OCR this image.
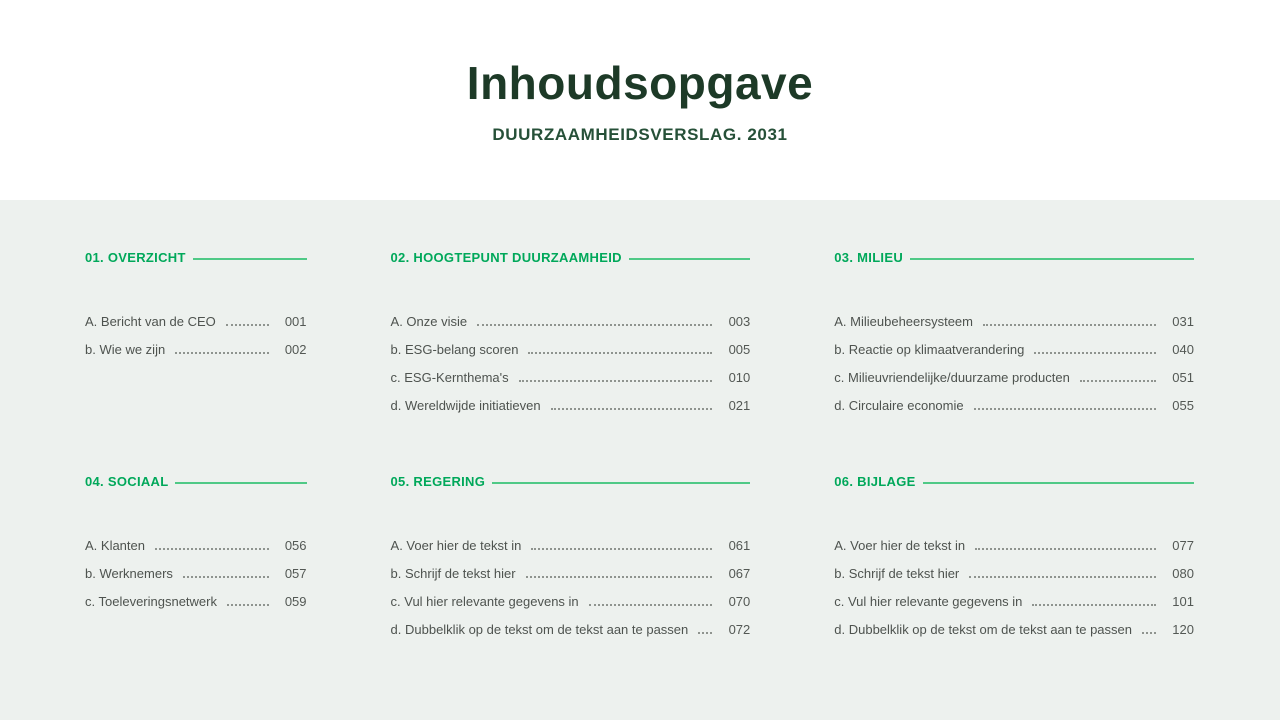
Inhoudsopgave
DUURZAAMHEIDSVERSLAG. 2031
01. OVERZICHT
A. Bericht van de CEO	001
b. Wie we zijn	002
02. HOOGTEPUNT DUURZAAMHEID
A. Onze visie	003
b. ESG-belang scoren	005
c. ESG-Kernthema's	010
d. Wereldwijde initiatieven	021
03. MILIEU
A. Milieubeheersysteem	031
b. Reactie op klimaatverandering	040
c. Milieuvriendelijke/duurzame producten	051
d. Circulaire economie	055
04. SOCIAAL
A. Klanten	056
b. Werknemers	057
c. Toeleveringsnetwerk	059
05. REGERING
A. Voer hier de tekst in	061
b. Schrijf de tekst hier	067
c. Vul hier relevante gegevens in	070
d. Dubbelklik op de tekst om de tekst aan te passen	072
06. BIJLAGE
A. Voer hier de tekst in	077
b. Schrijf de tekst hier	080
c. Vul hier relevante gegevens in	101
d. Dubbelklik op de tekst om de tekst aan te passen	120
